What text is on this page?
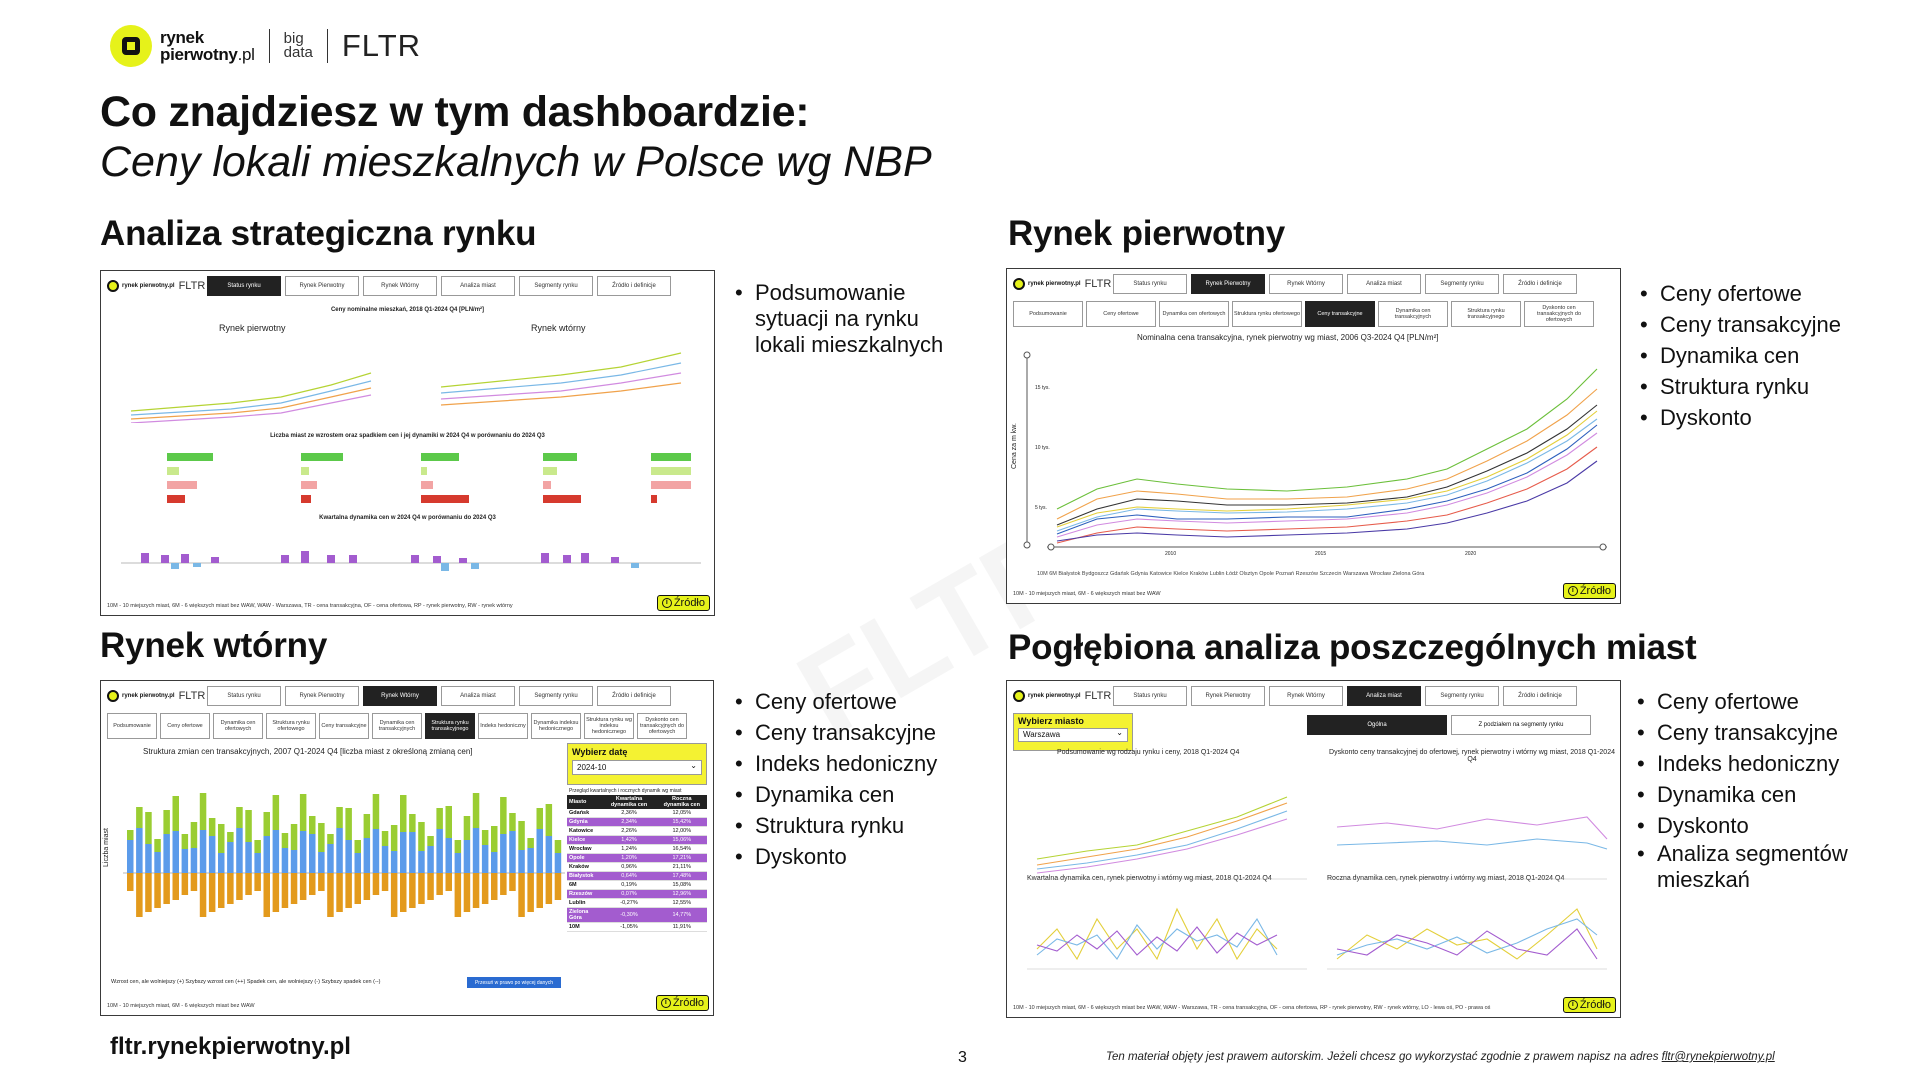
rynek
pierwotny.pl
big
data FLTR
Co znajdziesz w tym dashboardzie:
Ceny lokali mieszkalnych w Polsce wg NBP
Analiza strategiczna rynku
rynek pierwotny.pl FLTR	Status rynku	Rynek Pierwotny	Rynek Wtórny	Analiza miast	Segmenty rynku	Źródło i definicje
Ceny nominalne mieszkań, 2018 Q1-2024 Q4 [PLN/m²]
Rynek pierwotny	Rynek wtórny
Liczba miast ze wzrostem oraz spadkiem cen i jej dynamiki w 2024 Q4 w porównaniu do 2024 Q3
Kwartalna dynamika cen w 2024 Q4 w porównaniu do 2024 Q3
10M - 10 miejszych miast, 6M - 6 większych miast bez WAW, WAW - Warszawa, TR - cena transakcyjna, OF - cena ofertowa, RP - rynek pierwotny, RW - rynek wtórny	i Źródło
• Podsumowanie sytuacji na rynku lokali mieszkalnych
Rynek pierwotny
rynek pierwotny.pl FLTR	Status rynku	Rynek Pierwotny	Rynek Wtórny	Analiza miast	Segmenty rynku	Źródło i definicje
Podsumowanie	Ceny ofertowe	Dynamika cen ofertowych	Struktura rynku ofertowego	Ceny transakcyjne	Dynamika cen transakcyjnych
Struktura rynku transakcyjnego
Dyskonto cen transakcyjnych do ofertowych
Nominalna cena transakcyjna, rynek pierwotny wg miast, 2006 Q3-2024 Q4 [PLN/m²]
Cena za m kw.
15 tys.
10 tys.
5 tys.
2010	2015	2020
10M 6M Białystok Bydgoszcz Gdańsk Gdynia Katowice Kielce Kraków Lublin Łódź Olsztyn Opole Poznań Rzeszów Szczecin Warszawa Wrocław Zielona Góra
10M - 10 miejszych miast, 6M - 6 większych miast bez WAW	i Źródło
• Ceny ofertowe
• Ceny transakcyjne
• Dynamika cen
• Struktura rynku
• Dyskonto
Rynek wtórny
rynek pierwotny.pl FLTR	Status rynku	Rynek Pierwotny	Rynek Wtórny	Analiza miast	Segmenty rynku	Źródło i definicje
Podsumowanie	Ceny ofertowe	Dynamika cen ofertowych
Struktura rynku ofertowego	Ceny transakcyjne	Dynamika cen transakcyjnych
Struktura rynku transakcyjnego	Indeks hedoniczny	Dynamika indeksu hedonicznego
Struktura rynku wg indeksu hedonicznego
Dyskonto cen transakcyjnych do ofertowych
Struktura zmian cen transakcyjnych, 2007 Q1-2024 Q4 [liczba miast z określoną zmianą cen]
Liczba miast
Wybierz datę
2024-10	⌄
Przegląd kwartalnych i rocznych dynamik wg miast
Miasto	Kwartalna dynamika cen	Roczna dynamika cen
Gdańsk	2,36%	12,05%
Gdynia	2,34%	15,42%
Katowice	2,26%	12,00%
Kielce	1,42%	15,06%
Wrocław	1,24%	16,54%
Opole	1,20%	17,21%
Kraków	0,96%	21,11%
Białystok	0,64%	17,48%
6M	0,19%	15,08%
Rzeszów	0,07%	12,96%
Lublin	-0,27%	12,55%
Zielona Góra	-0,30%	14,77%
10M	-1,05%	11,91%
Wzrost cen, ale wolniejszy (+) Szybszy wzrost cen (++) Spadek cen, ale wolniejszy (-) Szybszy spadek cen (--)	Przesuń w prawo po więcej danych
10M - 10 miejszych miast, 6M - 6 większych miast bez WAW	i Źródło
• Ceny ofertowe
• Ceny transakcyjne
• Indeks hedoniczny
• Dynamika cen
• Struktura rynku
• Dyskonto
Pogłębiona analiza poszczególnych miast
rynek pierwotny.pl FLTR	Status rynku	Rynek Pierwotny	Rynek Wtórny	Analiza miast	Segmenty rynku	Źródło i definicje
Wybierz miasto
Warszawa	⌄
Ogólna	Z podziałem na segmenty rynku
Podsumowanie wg rodzaju rynku i ceny, 2018 Q1-2024 Q4	Dyskonto ceny transakcyjnej do ofertowej, rynek pierwotny i wtórny wg miast, 2018 Q1-2024 Q4
Kwartalna dynamika cen, rynek pierwotny i wtórny wg miast, 2018 Q1-2024 Q4	Roczna dynamika cen, rynek pierwotny i wtórny wg miast, 2018 Q1-2024 Q4
10M - 10 miejszych miast, 6M - 6 większych miast bez WAW, WAW - Warszawa, TR - cena transakcyjna, OF - cena ofertowa, RP - rynek pierwotny, RW - rynek wtórny, LO - lewa oś, PO - prawa oś	i Źródło
• Ceny ofertowe
• Ceny transakcyjne
• Indeks hedoniczny
• Dynamika cen
• Dyskonto
• Analiza segmentów mieszkań
fltr.rynekpierwotny.pl	3	Ten materiał objęty jest prawem autorskim. Jeżeli chcesz go wykorzystać zgodnie z prawem napisz na adres fltr@rynekpierwotny.pl
